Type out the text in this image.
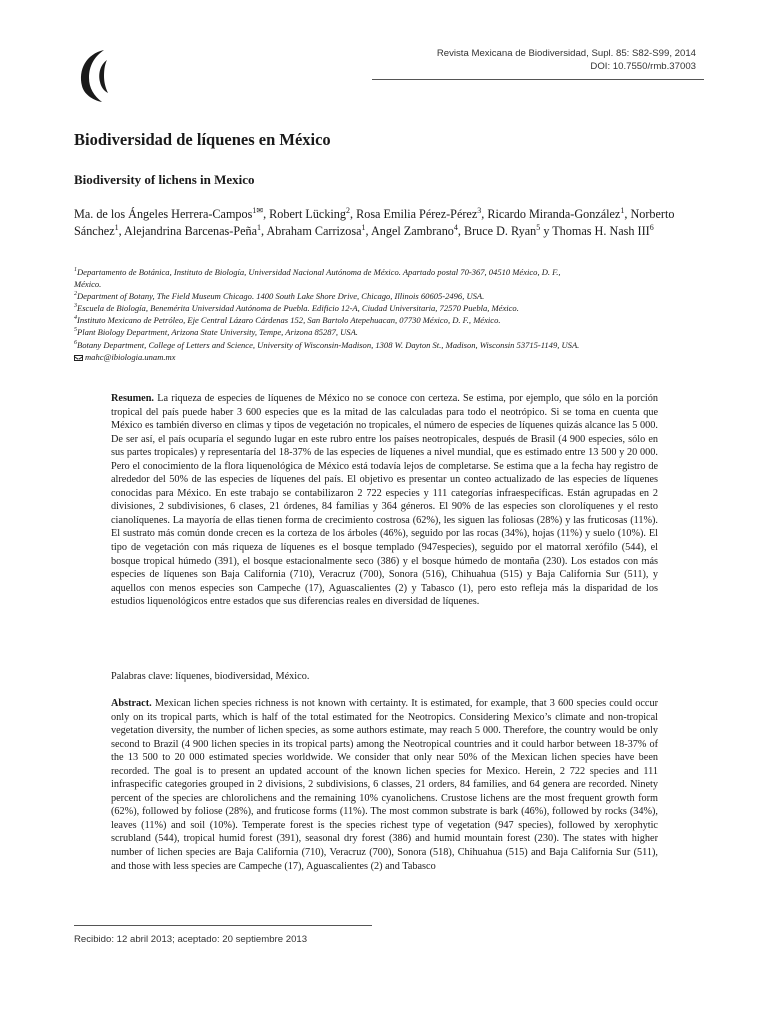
Revista Mexicana de Biodiversidad, Supl. 85: S82-S99, 2014
DOI: 10.7550/rmb.37003
Biodiversidad de líquenes en México
Biodiversity of lichens in Mexico

Ma. de los Ángeles Herrera-Campos$^{1✉}$, Robert Lücking$^2$, Rosa Emilia Pérez-Pérez$^3$, Ricardo Miranda-González$^1$, Norberto Sánchez$^1$, Alejandrina Barcenas-Peña$^1$, Abraham Carrizosa$^1$, Angel Zambrano$^4$, Bruce D. Ryan$^5$ y Thomas H. Nash III$^6$

$^1$Departamento de Botánica, Instituto de Biología, Universidad Nacional Autónoma de México. Apartado postal 70-367, 04510 México, D. F.,
México.
$^2$Department of Botany, The Field Museum Chicago. 1400 South Lake Shore Drive, Chicago, Illinois 60605-2496, USA.
$^3$Escuela de Biología, Benemérita Universidad Autónoma de Puebla. Edificio 12-A, Ciudad Universitaria, 72570 Puebla, México.
$^4$Instituto Mexicano de Petróleo, Eje Central Lázaro Cárdenas 152, San Bartolo Atepehuacan, 07730 México, D. F., México.
$^5$Plant Biology Department, Arizona State University, Tempe, Arizona 85287, USA.
$^6$Botany Department, College of Letters and Science, University of Wisconsin-Madison, 1308 W. Dayton St., Madison, Wisconsin 53715-1149, USA.
mahc@ibiologia.unam.mx

Resumen. La riqueza de especies de líquenes de México no se conoce con certeza. Se estima, por ejemplo, que sólo en la porción tropical del país puede haber 3 600 especies que es la mitad de las calculadas para todo el neotrópico. Si se toma en cuenta que México es también diverso en climas y tipos de vegetación no tropicales, el número de especies de líquenes quizás alcance las 5 000. De ser así, el país ocuparía el segundo lugar en este rubro entre los países neotropicales, después de Brasil (4 900 especies, sólo en sus partes tropicales) y representaría del 18-37% de las especies de líquenes a nivel mundial, que es estimado entre 13 500 y 20 000. Pero el conocimiento de la flora liquenológica de México está todavía lejos de completarse. Se estima que a la fecha hay registro de alrededor del 50% de las especies de líquenes del país. El objetivo es presentar un conteo actualizado de las especies de líquenes conocidas para México. En este trabajo se contabilizaron 2 722 especies y 111 categorías infraespecíficas. Están agrupadas en 2 divisiones, 2 subdivisiones, 6 clases, 21 órdenes, 84 familias y 364 géneros. El 90% de las especies son clorolíquenes y el resto cianolíquenes. La mayoría de ellas tienen forma de crecimiento costrosa (62%), les siguen las foliosas (28%) y las fruticosas (11%). El sustrato más común donde crecen es la corteza de los árboles (46%), seguido por las rocas (34%), hojas (11%) y suelo (10%). El tipo de vegetación con más riqueza de líquenes es el bosque templado (947especies), seguido por el matorral xerófilo (544), el bosque tropical húmedo (391), el bosque estacionalmente seco (386) y el bosque húmedo de montaña (230). Los estados con más especies de líquenes son Baja California (710), Veracruz (700), Sonora (516), Chihuahua (515) y Baja California Sur (511), y aquellos con menos especies son Campeche (17), Aguascalientes (2) y Tabasco (1), pero esto refleja más la disparidad de los estudios liquenológicos entre estados que sus diferencias reales en diversidad de líquenes.

Palabras clave: líquenes, biodiversidad, México.

Abstract. Mexican lichen species richness is not known with certainty. It is estimated, for example, that 3 600 species could occur only on its tropical parts, which is half of the total estimated for the Neotropics. Considering Mexico’s climate and non-tropical vegetation diversity, the number of lichen species, as some authors estimate, may reach 5 000. Therefore, the country would be only second to Brazil (4 900 lichen species in its tropical parts) among the Neotropical countries and it could harbor between 18-37% of the 13 500 to 20 000 estimated species worldwide. We consider that only near 50% of the Mexican lichen species have been recorded. The goal is to present an updated account of the known lichen species for Mexico. Herein, 2 722 species and 111 infraspecific categories grouped in 2 divisions, 2 subdivisions, 6 classes, 21 orders, 84 families, and 64 genera are recorded. Ninety percent of the species are chlorolichens and the remaining 10% cyanolichens. Crustose lichens are the most frequent growth form (62%), followed by foliose (28%), and fruticose forms (11%). The most common substrate is bark (46%), followed by rocks (34%), leaves (11%) and soil (10%). Temperate forest is the species richest type of vegetation (947 species), followed by xerophytic scrubland (544), tropical humid forest (391), seasonal dry forest (386) and humid mountain forest (230). The states with higher number of lichen species are Baja California (710), Veracruz (700), Sonora (518), Chihuahua (515) and Baja California Sur (511), and those with less species are Campeche (17), Aguascalientes (2) and Tabasco

Recibido: 12 abril 2013; aceptado: 20 septiembre 2013
